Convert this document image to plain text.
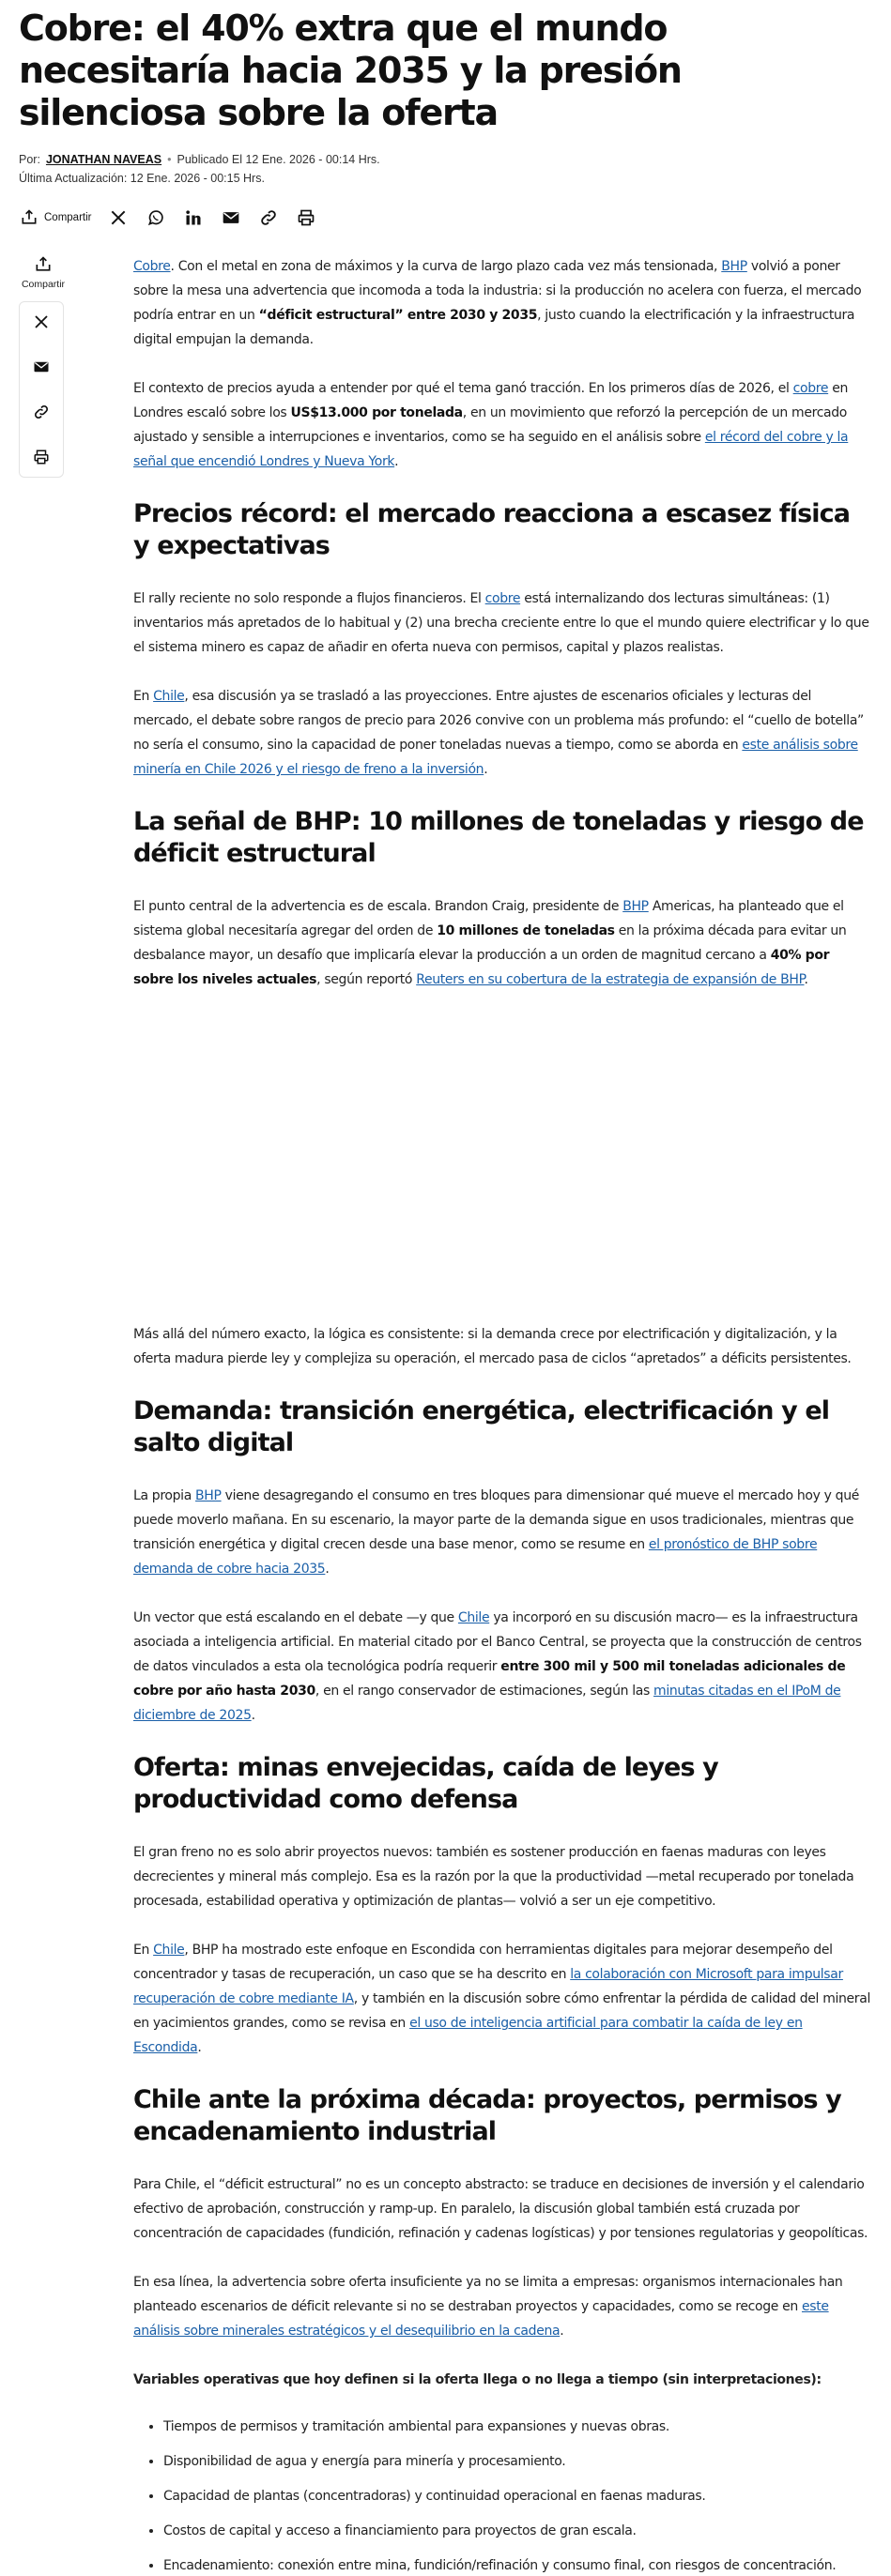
Cobre: el 40% extra que el mundo necesitaría hacia 2035 y la presión silenciosa sobre la oferta
Por: JONATHAN NAVEAS • Publicado El 12 Ene. 2026 - 00:14 Hrs.
Última Actualización: 12 Ene. 2026 - 00:15 Hrs.
Compartir
Compartir

Cobre. Con el metal en zona de máximos y la curva de largo plazo cada vez más tensionada, BHP volvió a poner sobre la mesa una advertencia que incomoda a toda la industria: si la producción no acelera con fuerza, el mercado podría entrar en un “déficit estructural” entre 2030 y 2035, justo cuando la electrificación y la infraestructura digital empujan la demanda.

El contexto de precios ayuda a entender por qué el tema ganó tracción. En los primeros días de 2026, el cobre en Londres escaló sobre los US$13.000 por tonelada, en un movimiento que reforzó la percepción de un mercado ajustado y sensible a interrupciones e inventarios, como se ha seguido en el análisis sobre el récord del cobre y la señal que encendió Londres y Nueva York.

Precios récord: el mercado reacciona a escasez física y expectativas

El rally reciente no solo responde a flujos financieros. El cobre está internalizando dos lecturas simultáneas: (1) inventarios más apretados de lo habitual y (2) una brecha creciente entre lo que el mundo quiere electrificar y lo que el sistema minero es capaz de añadir en oferta nueva con permisos, capital y plazos realistas.

En Chile, esa discusión ya se trasladó a las proyecciones. Entre ajustes de escenarios oficiales y lecturas del mercado, el debate sobre rangos de precio para 2026 convive con un problema más profundo: el “cuello de botella” no sería el consumo, sino la capacidad de poner toneladas nuevas a tiempo, como se aborda en este análisis sobre minería en Chile 2026 y el riesgo de freno a la inversión.

La señal de BHP: 10 millones de toneladas y riesgo de déficit estructural

El punto central de la advertencia es de escala. Brandon Craig, presidente de BHP Americas, ha planteado que el sistema global necesitaría agregar del orden de 10 millones de toneladas en la próxima década para evitar un desbalance mayor, un desafío que implicaría elevar la producción a un orden de magnitud cercano a 40% por sobre los niveles actuales, según reportó Reuters en su cobertura de la estrategia de expansión de BHP.

Más allá del número exacto, la lógica es consistente: si la demanda crece por electrificación y digitalización, y la oferta madura pierde ley y complejiza su operación, el mercado pasa de ciclos “apretados” a déficits persistentes.

Demanda: transición energética, electrificación y el salto digital

La propia BHP viene desagregando el consumo en tres bloques para dimensionar qué mueve el mercado hoy y qué puede moverlo mañana. En su escenario, la mayor parte de la demanda sigue en usos tradicionales, mientras que transición energética y digital crecen desde una base menor, como se resume en el pronóstico de BHP sobre demanda de cobre hacia 2035.

Un vector que está escalando en el debate —y que Chile ya incorporó en su discusión macro— es la infraestructura asociada a inteligencia artificial. En material citado por el Banco Central, se proyecta que la construcción de centros de datos vinculados a esta ola tecnológica podría requerir entre 300 mil y 500 mil toneladas adicionales de cobre por año hasta 2030, en el rango conservador de estimaciones, según las minutas citadas en el IPoM de diciembre de 2025.

Oferta: minas envejecidas, caída de leyes y productividad como defensa

El gran freno no es solo abrir proyectos nuevos: también es sostener producción en faenas maduras con leyes decrecientes y mineral más complejo. Esa es la razón por la que la productividad —metal recuperado por tonelada procesada, estabilidad operativa y optimización de plantas— volvió a ser un eje competitivo.

En Chile, BHP ha mostrado este enfoque en Escondida con herramientas digitales para mejorar desempeño del concentrador y tasas de recuperación, un caso que se ha descrito en la colaboración con Microsoft para impulsar recuperación de cobre mediante IA, y también en la discusión sobre cómo enfrentar la pérdida de calidad del mineral en yacimientos grandes, como se revisa en el uso de inteligencia artificial para combatir la caída de ley en Escondida.

Chile ante la próxima década: proyectos, permisos y encadenamiento industrial

Para Chile, el “déficit estructural” no es un concepto abstracto: se traduce en decisiones de inversión y el calendario efectivo de aprobación, construcción y ramp-up. En paralelo, la discusión global también está cruzada por concentración de capacidades (fundición, refinación y cadenas logísticas) y por tensiones regulatorias y geopolíticas.

En esa línea, la advertencia sobre oferta insuficiente ya no se limita a empresas: organismos internacionales han planteado escenarios de déficit relevante si no se destraban proyectos y capacidades, como se recoge en este análisis sobre minerales estratégicos y el desequilibrio en la cadena.

Variables operativas que hoy definen si la oferta llega o no llega a tiempo (sin interpretaciones):

• Tiempos de permisos y tramitación ambiental para expansiones y nuevas obras.
• Disponibilidad de agua y energía para minería y procesamiento.
• Capacidad de plantas (concentradoras) y continuidad operacional en faenas maduras.
• Costos de capital y acceso a financiamiento para proyectos de gran escala.
• Encadenamiento: conexión entre mina, fundición/refinación y consumo final, con riesgos de concentración.
